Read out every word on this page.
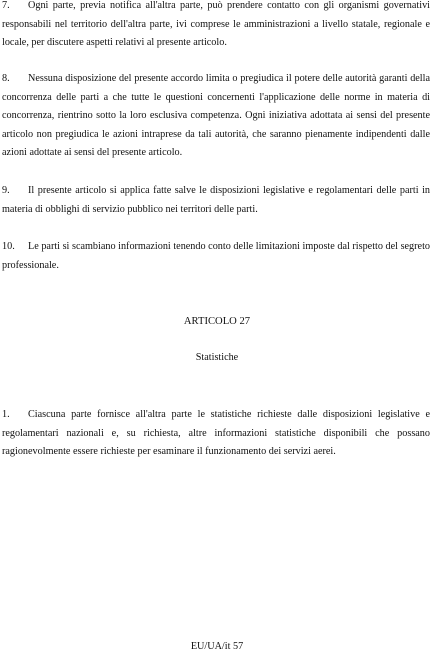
7. Ogni parte, previa notifica all'altra parte, può prendere contatto con gli organismi governativi responsabili nel territorio dell'altra parte, ivi comprese le amministrazioni a livello statale, regionale e locale, per discutere aspetti relativi al presente articolo.

8. Nessuna disposizione del presente accordo limita o pregiudica il potere delle autorità garanti della concorrenza delle parti a che tutte le questioni concernenti l'applicazione delle norme in materia di concorrenza, rientrino sotto la loro esclusiva competenza. Ogni iniziativa adottata ai sensi del presente articolo non pregiudica le azioni intraprese da tali autorità, che saranno pienamente indipendenti dalle azioni adottate ai sensi del presente articolo.

9. Il presente articolo si applica fatte salve le disposizioni legislative e regolamentari delle parti in materia di obblighi di servizio pubblico nei territori delle parti.

10. Le parti si scambiano informazioni tenendo conto delle limitazioni imposte dal rispetto del segreto professionale.

ARTICOLO 27

Statistiche

1. Ciascuna parte fornisce all'altra parte le statistiche richieste dalle disposizioni legislative e regolamentari nazionali e, su richiesta, altre informazioni statistiche disponibili che possano ragionevolmente essere richieste per esaminare il funzionamento dei servizi aerei.

EU/UA/it 57
